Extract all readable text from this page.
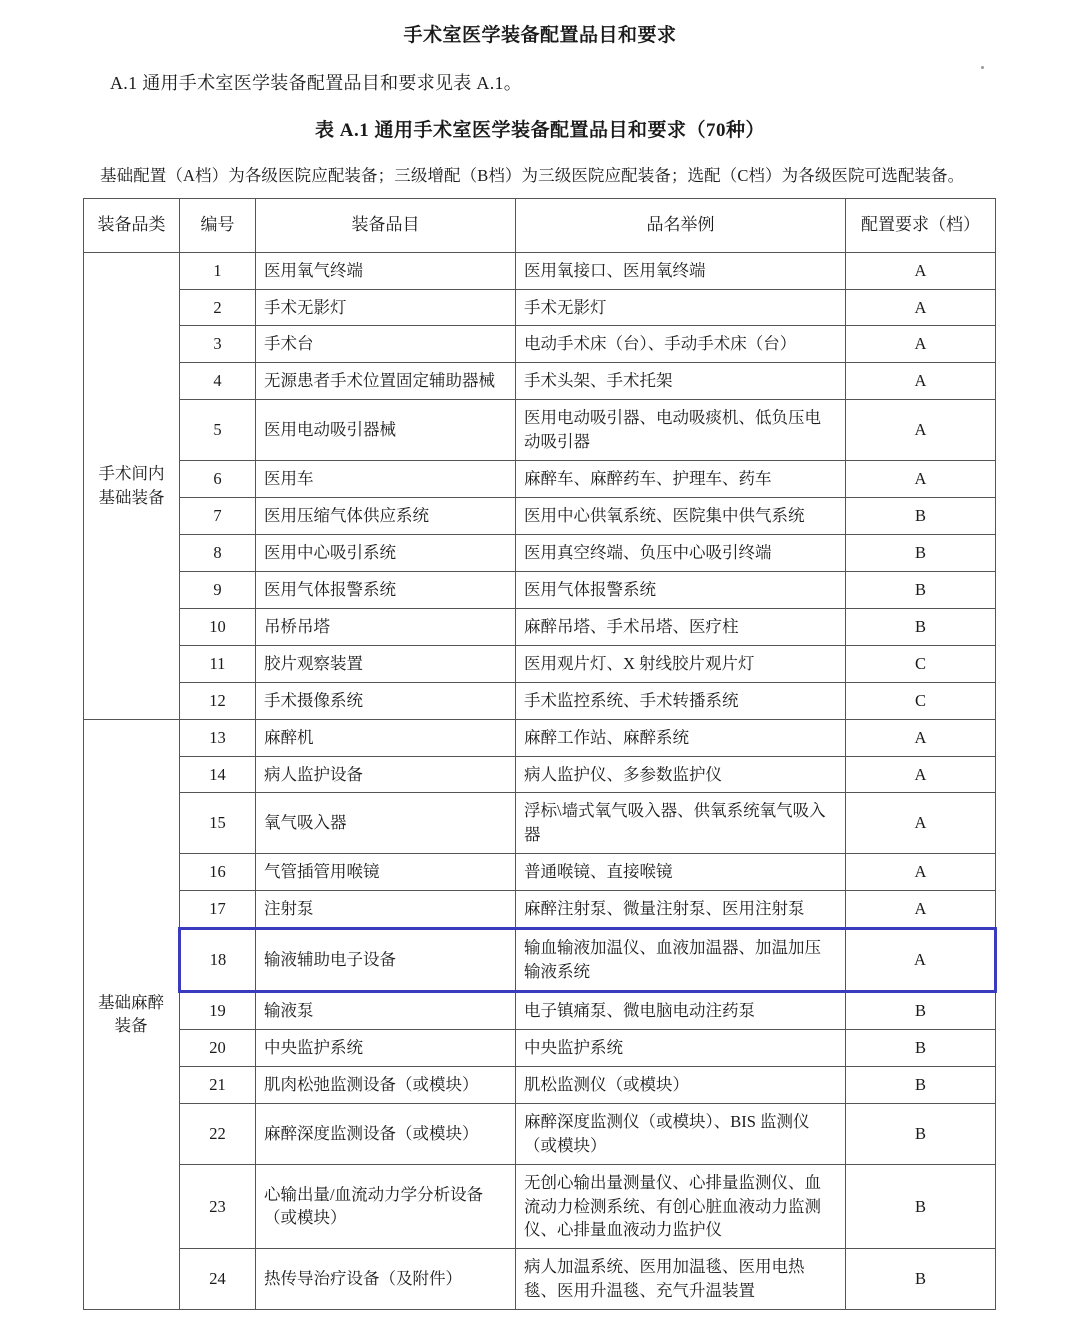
手术室医学装备配置品目和要求
A.1 通用手术室医学装备配置品目和要求见表 A.1。
表 A.1 通用手术室医学装备配置品目和要求（70种）
基础配置（A档）为各级医院应配装备；三级增配（B档）为三级医院应配装备；选配（C档）为各级医院可选配装备。
装备品类	编号	装备品目	品名举例	配置要求（档）
手术间内
基础装备	1	医用氧气终端	医用氧接口、医用氧终端	A
	2	手术无影灯	手术无影灯	A
	3	手术台	电动手术床（台）、手动手术床（台）	A
	4	无源患者手术位置固定辅助器械	手术头架、手术托架	A
	5	医用电动吸引器械	医用电动吸引器、电动吸痰机、低负压电动吸引器	A
	6	医用车	麻醉车、麻醉药车、护理车、药车	A
	7	医用压缩气体供应系统	医用中心供氧系统、医院集中供气系统	B
	8	医用中心吸引系统	医用真空终端、负压中心吸引终端	B
	9	医用气体报警系统	医用气体报警系统	B
	10	吊桥吊塔	麻醉吊塔、手术吊塔、医疗柱	B
	11	胶片观察装置	医用观片灯、X 射线胶片观片灯	C
	12	手术摄像系统	手术监控系统、手术转播系统	C
基础麻醉
装备	13	麻醉机	麻醉工作站、麻醉系统	A
	14	病人监护设备	病人监护仪、多参数监护仪	A
	15	氧气吸入器	浮标\墙式氧气吸入器、供氧系统氧气吸入器	A
	16	气管插管用喉镜	普通喉镜、直接喉镜	A
	17	注射泵	麻醉注射泵、微量注射泵、医用注射泵	A
	18	输液辅助电子设备	输血输液加温仪、血液加温器、加温加压输液系统	A
	19	输液泵	电子镇痛泵、微电脑电动注药泵	B
	20	中央监护系统	中央监护系统	B
	21	肌肉松弛监测设备（或模块）	肌松监测仪（或模块）	B
	22	麻醉深度监测设备（或模块）	麻醉深度监测仪（或模块）、BIS 监测仪（或模块）	B
	23	心输出量/血流动力学分析设备（或模块）	无创心输出量测量仪、心排量监测仪、血流动力检测系统、有创心脏血液动力监测仪、心排量血液动力监护仪	B
	24	热传导治疗设备（及附件）	病人加温系统、医用加温毯、医用电热毯、医用升温毯、充气升温装置	B
